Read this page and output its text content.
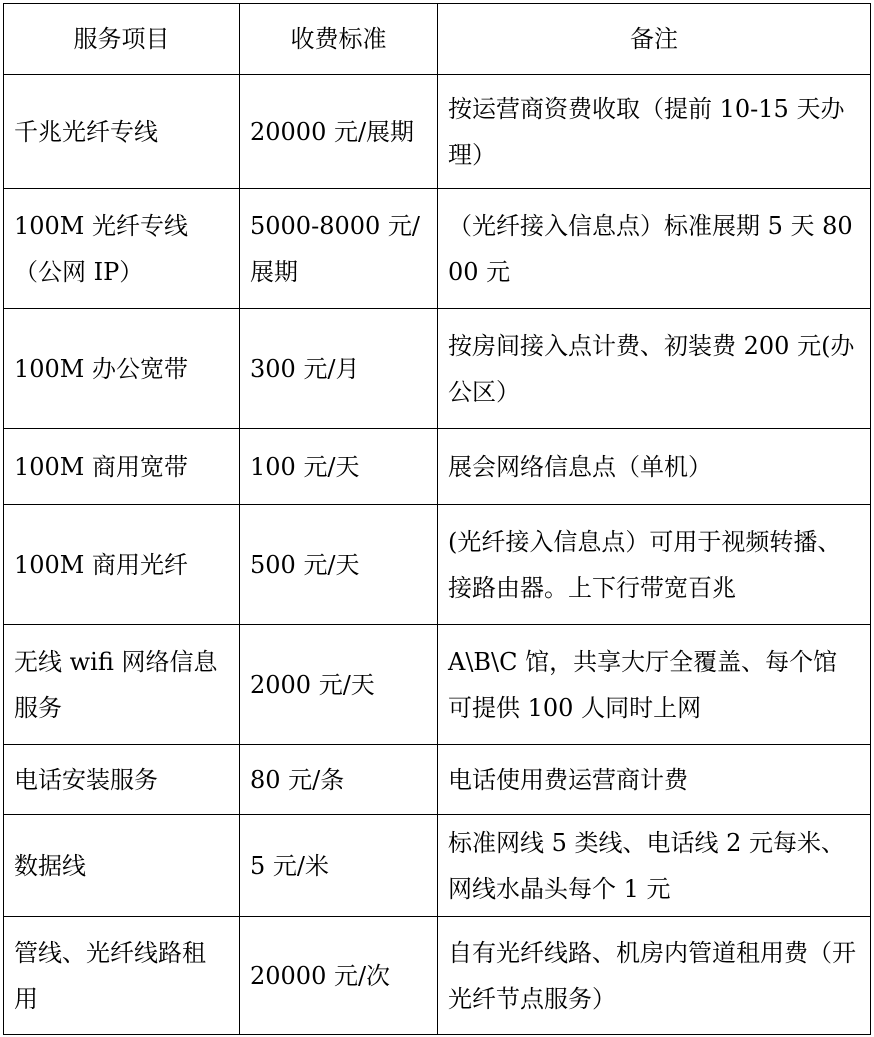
服务项目	收费标准	备注
千兆光纤专线	20000 元/展期	按运营商资费收取（提前 10-15 天办理）
100M 光纤专线（公网 IP）	5000-8000 元/展期	（光纤接入信息点）标准展期 5 天 8000 元
100M 办公宽带	300 元/月	按房间接入点计费、初装费 200 元(办公区）
100M 商用宽带	100 元/天	展会网络信息点（单机）
100M 商用光纤	500 元/天	(光纤接入信息点）可用于视频转播、接路由器。上下行带宽百兆
无线 wifi 网络信息服务	2000 元/天	A\B\C 馆，共享大厅全覆盖、每个馆可提供 100 人同时上网
电话安装服务	80 元/条	电话使用费运营商计费
数据线	5 元/米	标准网线 5 类线、电话线 2 元每米、网线水晶头每个 1 元
管线、光纤线路租用	20000 元/次	自有光纤线路、机房内管道租用费（开光纤节点服务）
